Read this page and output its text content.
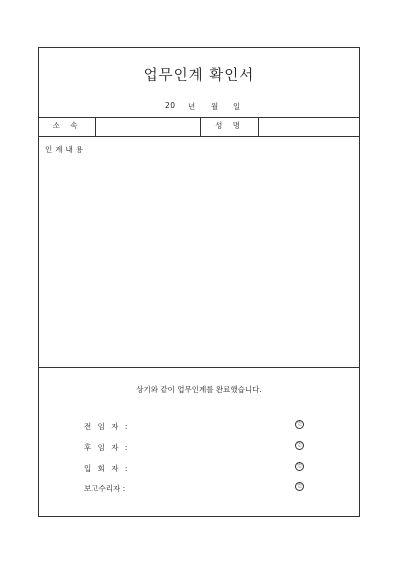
업무인계 확인서
20 년 월 일
소 속	성 명
인계내용
상기와 같이 업무인계를 완료했습니다.
전 임 자 :	인
후 임 자 :	인
입 회 자 :	인
보고수리자 :	인
